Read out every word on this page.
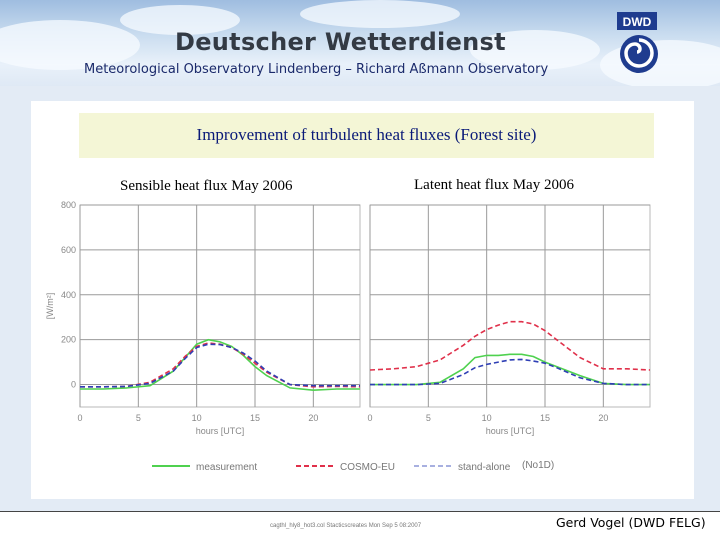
Deutscher Wetterdienst
Meteorological Observatory Lindenberg – Richard Aßmann Observatory
DWD
Improvement of turbulent heat fluxes (Forest site)
Sensible heat flux May 2006	Latent heat flux May 2006
0	5	10	15	20
0
200
400
600
800
hours [UTC]
[W/m²]
0	5	10	15	20
hours [UTC]
measurement	COSMO-EU	stand-alone (No1D)
cagthl_hly8_hot3.col Stacticscreates Mon Sep 5 08:2007	Gerd Vogel (DWD FELG)
